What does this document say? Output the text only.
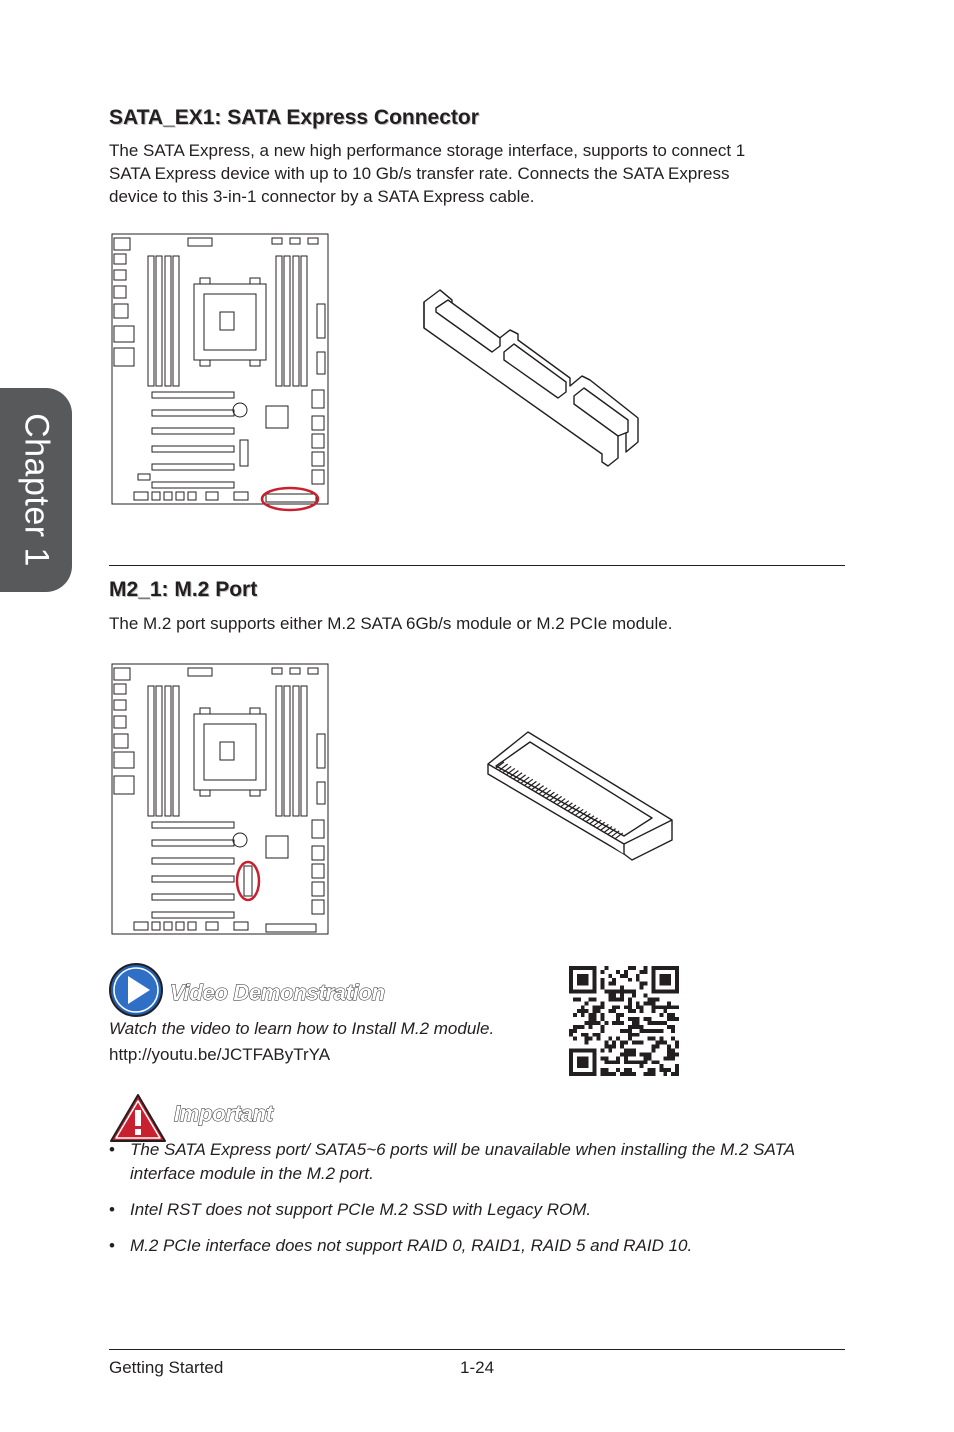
Chapter 1
SATA_EX1: SATA Express Connector

The SATA Express, a new high performance storage interface, supports to connect 1
SATA Express device with up to 10 Gb/s transfer rate. Connects the SATA Express
device to this 3-in-1 connector by a SATA Express cable.

M2_1: M.2 Port

The M.2 port supports either M.2 SATA 6Gb/s module or M.2 PCIe module.

Video Demonstration

Watch the video to learn how to Install M.2 module.

http://youtu.be/JCTFAByTrYA

Important
• The SATA Express port/ SATA5~6 ports will be unavailable when installing the M.2 SATA interface module in the M.2 port.
• Intel RST does not support PCIe M.2 SSD with Legacy ROM.
• M.2 PCIe interface does not support RAID 0, RAID1, RAID 5 and RAID 10.
Getting Started	1-24
